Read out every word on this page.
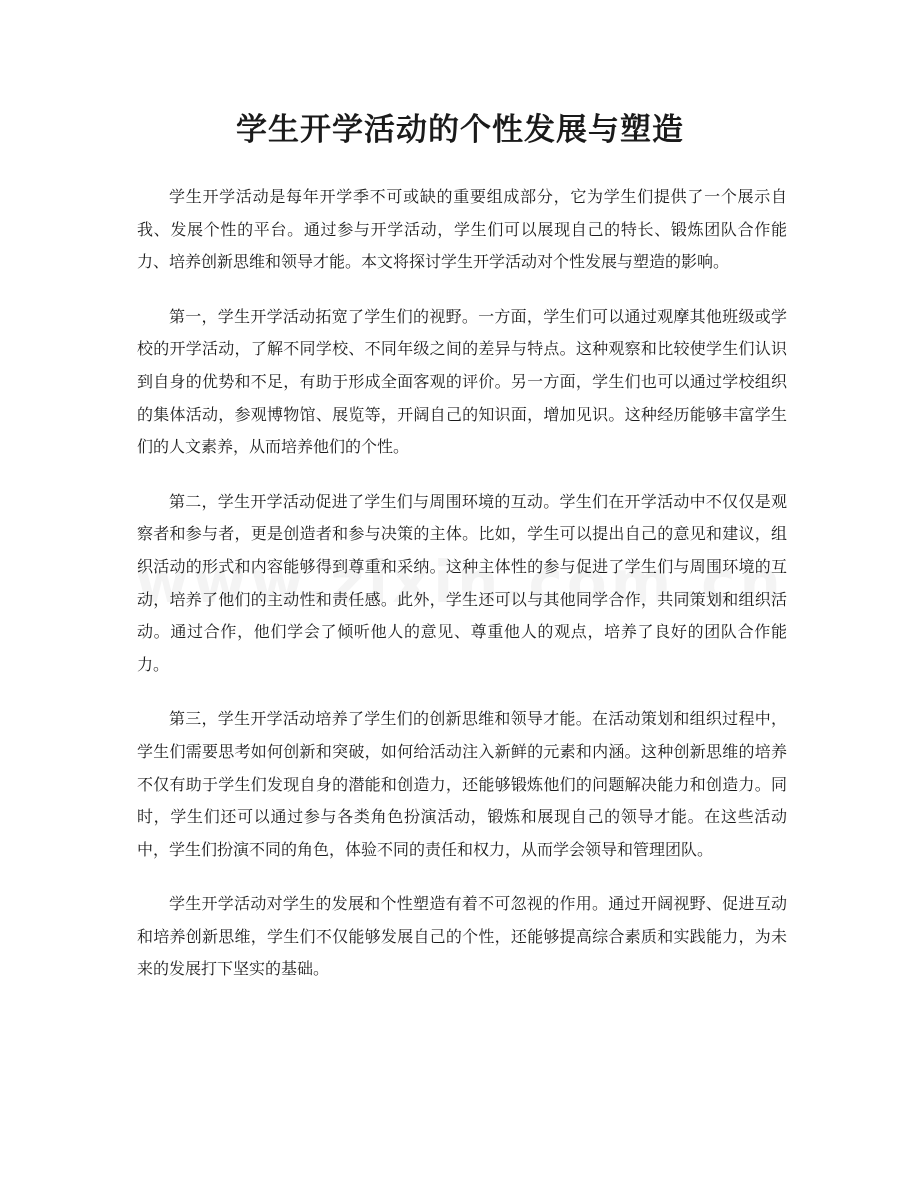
学生开学活动的个性发展与塑造

学生开学活动是每年开学季不可或缺的重要组成部分，它为学生们提供了一个展示自我、发展个性的平台。通过参与开学活动，学生们可以展现自己的特长、锻炼团队合作能力、培养创新思维和领导才能。本文将探讨学生开学活动对个性发展与塑造的影响。

第一，学生开学活动拓宽了学生们的视野。一方面，学生们可以通过观摩其他班级或学校的开学活动，了解不同学校、不同年级之间的差异与特点。这种观察和比较使学生们认识到自身的优势和不足，有助于形成全面客观的评价。另一方面，学生们也可以通过学校组织的集体活动，参观博物馆、展览等，开阔自己的知识面，增加见识。这种经历能够丰富学生们的人文素养，从而培养他们的个性。

第二，学生开学活动促进了学生们与周围环境的互动。学生们在开学活动中不仅仅是观察者和参与者，更是创造者和参与决策的主体。比如，学生可以提出自己的意见和建议，组织活动的形式和内容能够得到尊重和采纳。这种主体性的参与促进了学生们与周围环境的互动，培养了他们的主动性和责任感。此外，学生还可以与其他同学合作，共同策划和组织活动。通过合作，他们学会了倾听他人的意见、尊重他人的观点，培养了良好的团队合作能力。

第三，学生开学活动培养了学生们的创新思维和领导才能。在活动策划和组织过程中，学生们需要思考如何创新和突破，如何给活动注入新鲜的元素和内涵。这种创新思维的培养不仅有助于学生们发现自身的潜能和创造力，还能够锻炼他们的问题解决能力和创造力。同时，学生们还可以通过参与各类角色扮演活动，锻炼和展现自己的领导才能。在这些活动中，学生们扮演不同的角色，体验不同的责任和权力，从而学会领导和管理团队。

学生开学活动对学生的发展和个性塑造有着不可忽视的作用。通过开阔视野、促进互动和培养创新思维，学生们不仅能够发展自己的个性，还能够提高综合素质和实践能力，为未来的发展打下坚实的基础。
